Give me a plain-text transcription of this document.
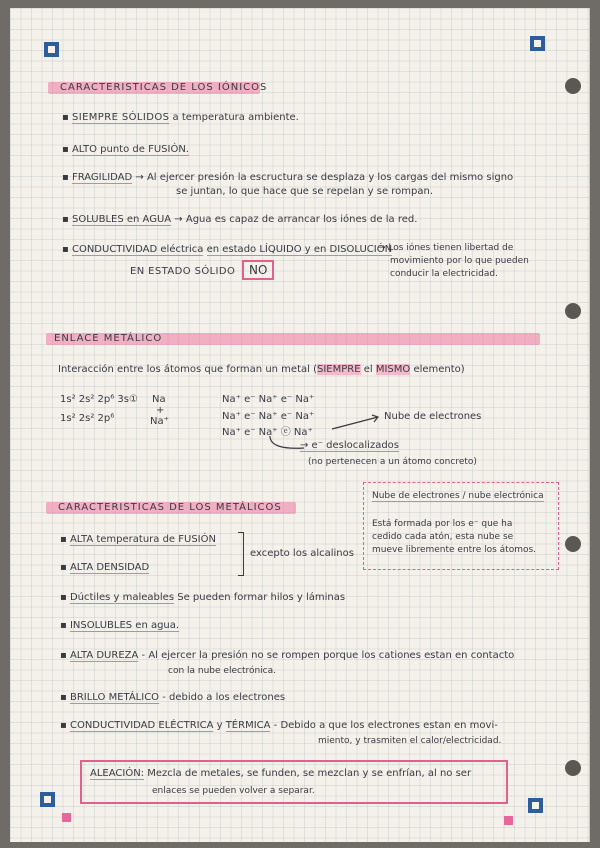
CARACTERISTICAS DE LOS IÓNICOS
▪ SIEMPRE SÓLIDOS a temperatura ambiente.
▪ ALTO punto de FUSIÓN.
▪ FRAGILIDAD → Al ejercer presión la escructura se desplaza y los cargas del mismo signo
se juntan, lo que hace que se repelan y se rompan.
▪ SOLUBLES en AGUA → Agua es capaz de arrancar los iónes de la red.
▪ CONDUCTIVIDAD eléctrica en estado LÍQUIDO y en DISOLUCIÓN
→ Los iónes tienen libertad de
movimiento por lo que pueden
conducir la electricidad.
EN ESTADO SÓLIDO	NO
ENLACE METÁLICO
Interacción entre los átomos que forman un metal (SIEMPRE el MISMO elemento)
1s² 2s² 2p⁶ 3s① Na
+
1s² 2s² 2p⁶	Na⁺
Na⁺ e⁻ Na⁺ e⁻ Na⁺
Na⁺ e⁻ Na⁺ e⁻ Na⁺
Na⁺ e⁻ Na⁺ ⓔ Na⁺
Nube de electrones
→ e⁻ deslocalizados
(no pertenecen a un átomo concreto)
Nube de electrones / nube electrónica
Está formada por los e⁻ que ha
cedido cada atón, esta nube se
mueve libremente entre los átomos.
CARACTERISTICAS DE LOS METÁLICOS
▪ ALTA temperatura de FUSIÓN
▪ ALTA DENSIDAD
excepto los alcalinos
▪ Dúctiles y maleables Se pueden formar hilos y láminas
▪ INSOLUBLES en agua.
▪ ALTA DUREZA - Al ejercer la presión no se rompen porque los cationes estan en contacto
con la nube electrónica.
▪ BRILLO METÁLICO - debido a los electrones
▪ CONDUCTIVIDAD ELÉCTRICA y TÉRMICA - Debido a que los electrones estan en movi-
miento, y trasmiten el calor/electricidad.
ALEACIÓN: Mezcla de metales, se funden, se mezclan y se enfrían, al no ser
enlaces se pueden volver a separar.
